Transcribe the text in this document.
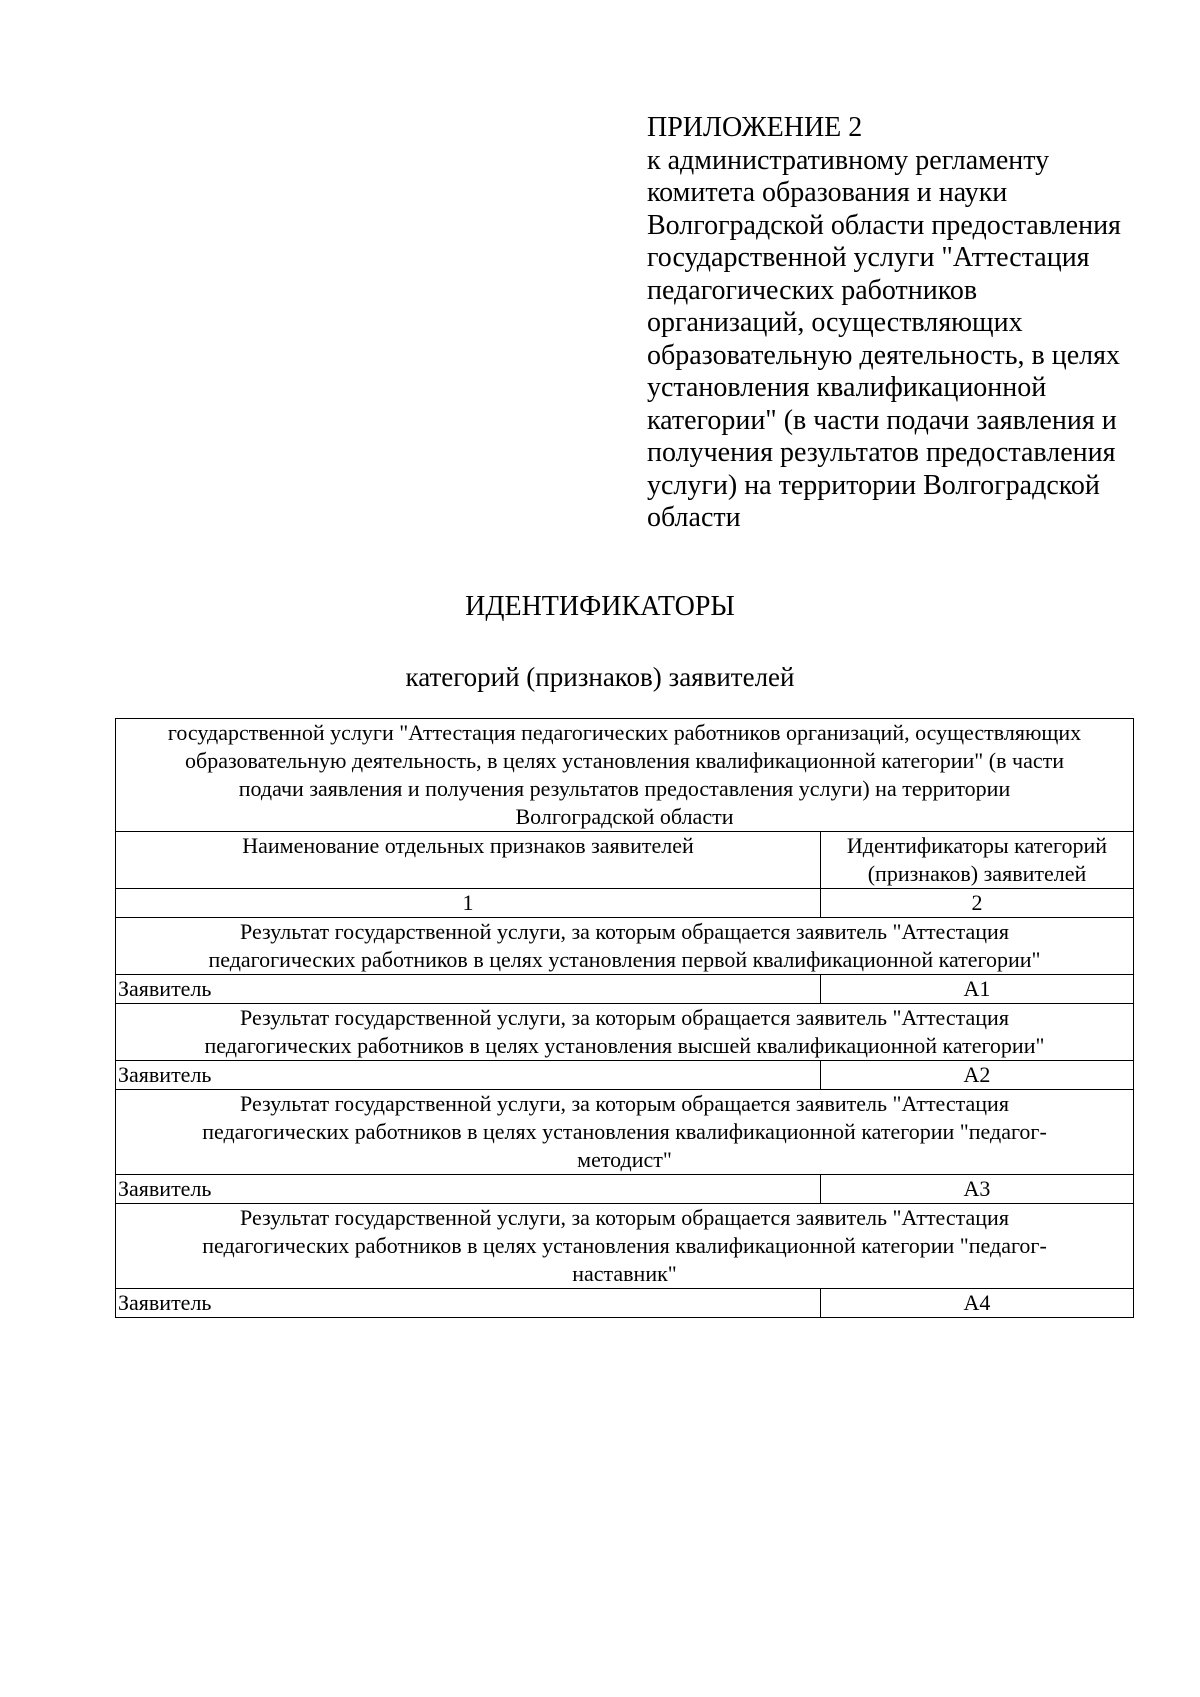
ПРИЛОЖЕНИЕ 2
к административному регламенту
комитета образования и науки
Волгоградской области предоставления
государственной услуги "Аттестация
педагогических работников
организаций, осуществляющих
образовательную деятельность, в целях
установления квалификационной
категории" (в части подачи заявления и
получения результатов предоставления
услуги) на территории Волгоградской
области
ИДЕНТИФИКАТОРЫ
категорий (признаков) заявителей
государственной услуги "Аттестация педагогических работников организаций, осуществляющих
образовательную деятельность, в целях установления квалификационной категории" (в части
подачи заявления и получения результатов предоставления услуги) на территории
Волгоградской области	

Наименование отдельных признаков заявителей	Идентификаторы категорий
(признаков) заявителей

1	2

Результат государственной услуги, за которым обращается заявитель "Аттестация
педагогических работников в целях установления первой квалификационной категории"	

Заявитель	А1

Результат государственной услуги, за которым обращается заявитель "Аттестация
педагогических работников в целях установления высшей квалификационной категории"	

Заявитель	А2

Результат государственной услуги, за которым обращается заявитель "Аттестация
педагогических работников в целях установления квалификационной категории "педагог-
методист"	

Заявитель	А3

Результат государственной услуги, за которым обращается заявитель "Аттестация
педагогических работников в целях установления квалификационной категории "педагог-
наставник"	

Заявитель	А4
